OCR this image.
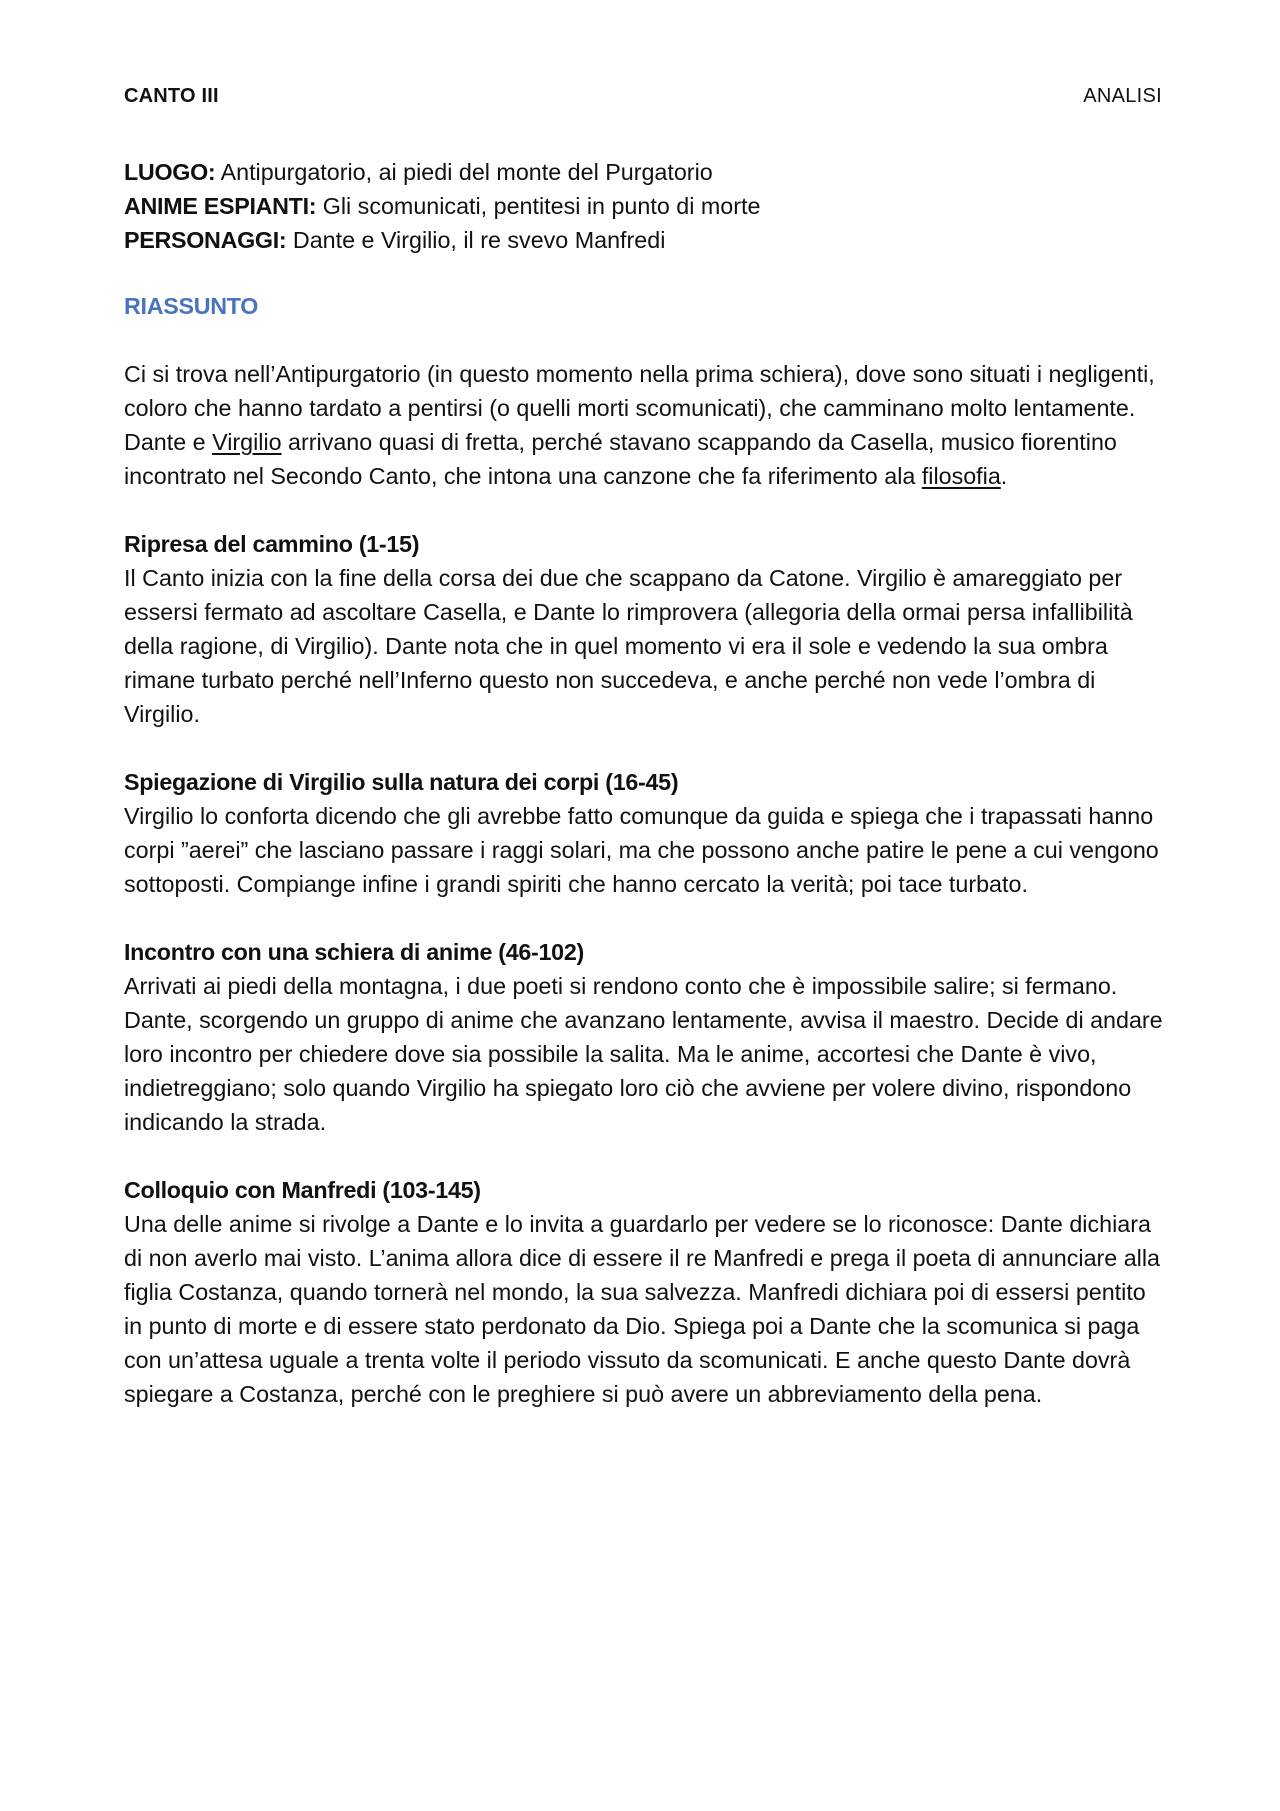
CANTO III	ANALISI
LUOGO: Antipurgatorio, ai piedi del monte del Purgatorio
ANIME ESPIANTI: Gli scomunicati, pentitesi in punto di morte
PERSONAGGI: Dante e Virgilio, il re svevo Manfredi
RIASSUNTO

Ci si trova nell’Antipurgatorio (in questo momento nella prima schiera), dove sono situati i negligenti, coloro che hanno tardato a pentirsi (o quelli morti scomunicati), che camminano molto lentamente. Dante e Virgilio arrivano quasi di fretta, perché stavano scappando da Casella, musico fiorentino incontrato nel Secondo Canto, che intona una canzone che fa riferimento ala filosofia.

Ripresa del cammino (1-15)

Il Canto inizia con la fine della corsa dei due che scappano da Catone. Virgilio è amareggiato per essersi fermato ad ascoltare Casella, e Dante lo rimprovera (allegoria della ormai persa infallibilità della ragione, di Virgilio). Dante nota che in quel momento vi era il sole e vedendo la sua ombra rimane turbato perché nell’Inferno questo non succedeva, e anche perché non vede l’ombra di Virgilio.

Spiegazione di Virgilio sulla natura dei corpi (16-45)

Virgilio lo conforta dicendo che gli avrebbe fatto comunque da guida e spiega che i trapassati hanno corpi ”aerei” che lasciano passare i raggi solari, ma che possono anche patire le pene a cui vengono sottoposti. Compiange infine i grandi spiriti che hanno cercato la verità; poi tace turbato.

Incontro con una schiera di anime (46-102)

Arrivati ai piedi della montagna, i due poeti si rendono conto che è impossibile salire; si fermano. Dante, scorgendo un gruppo di anime che avanzano lentamente, avvisa il maestro. Decide di andare loro incontro per chiedere dove sia possibile la salita. Ma le anime, accortesi che Dante è vivo, indietreggiano; solo quando Virgilio ha spiegato loro ciò che avviene per volere divino, rispondono indicando la strada.

Colloquio con Manfredi (103-145)

Una delle anime si rivolge a Dante e lo invita a guardarlo per vedere se lo riconosce: Dante dichiara di non averlo mai visto. L’anima allora dice di essere il re Manfredi e prega il poeta di annunciare alla figlia Costanza, quando tornerà nel mondo, la sua salvezza. Manfredi dichiara poi di essersi pentito in punto di morte e di essere stato perdonato da Dio. Spiega poi a Dante che la scomunica si paga con un’attesa uguale a trenta volte il periodo vissuto da scomunicati. E anche questo Dante dovrà spiegare a Costanza, perché con le preghiere si può avere un abbreviamento della pena.
